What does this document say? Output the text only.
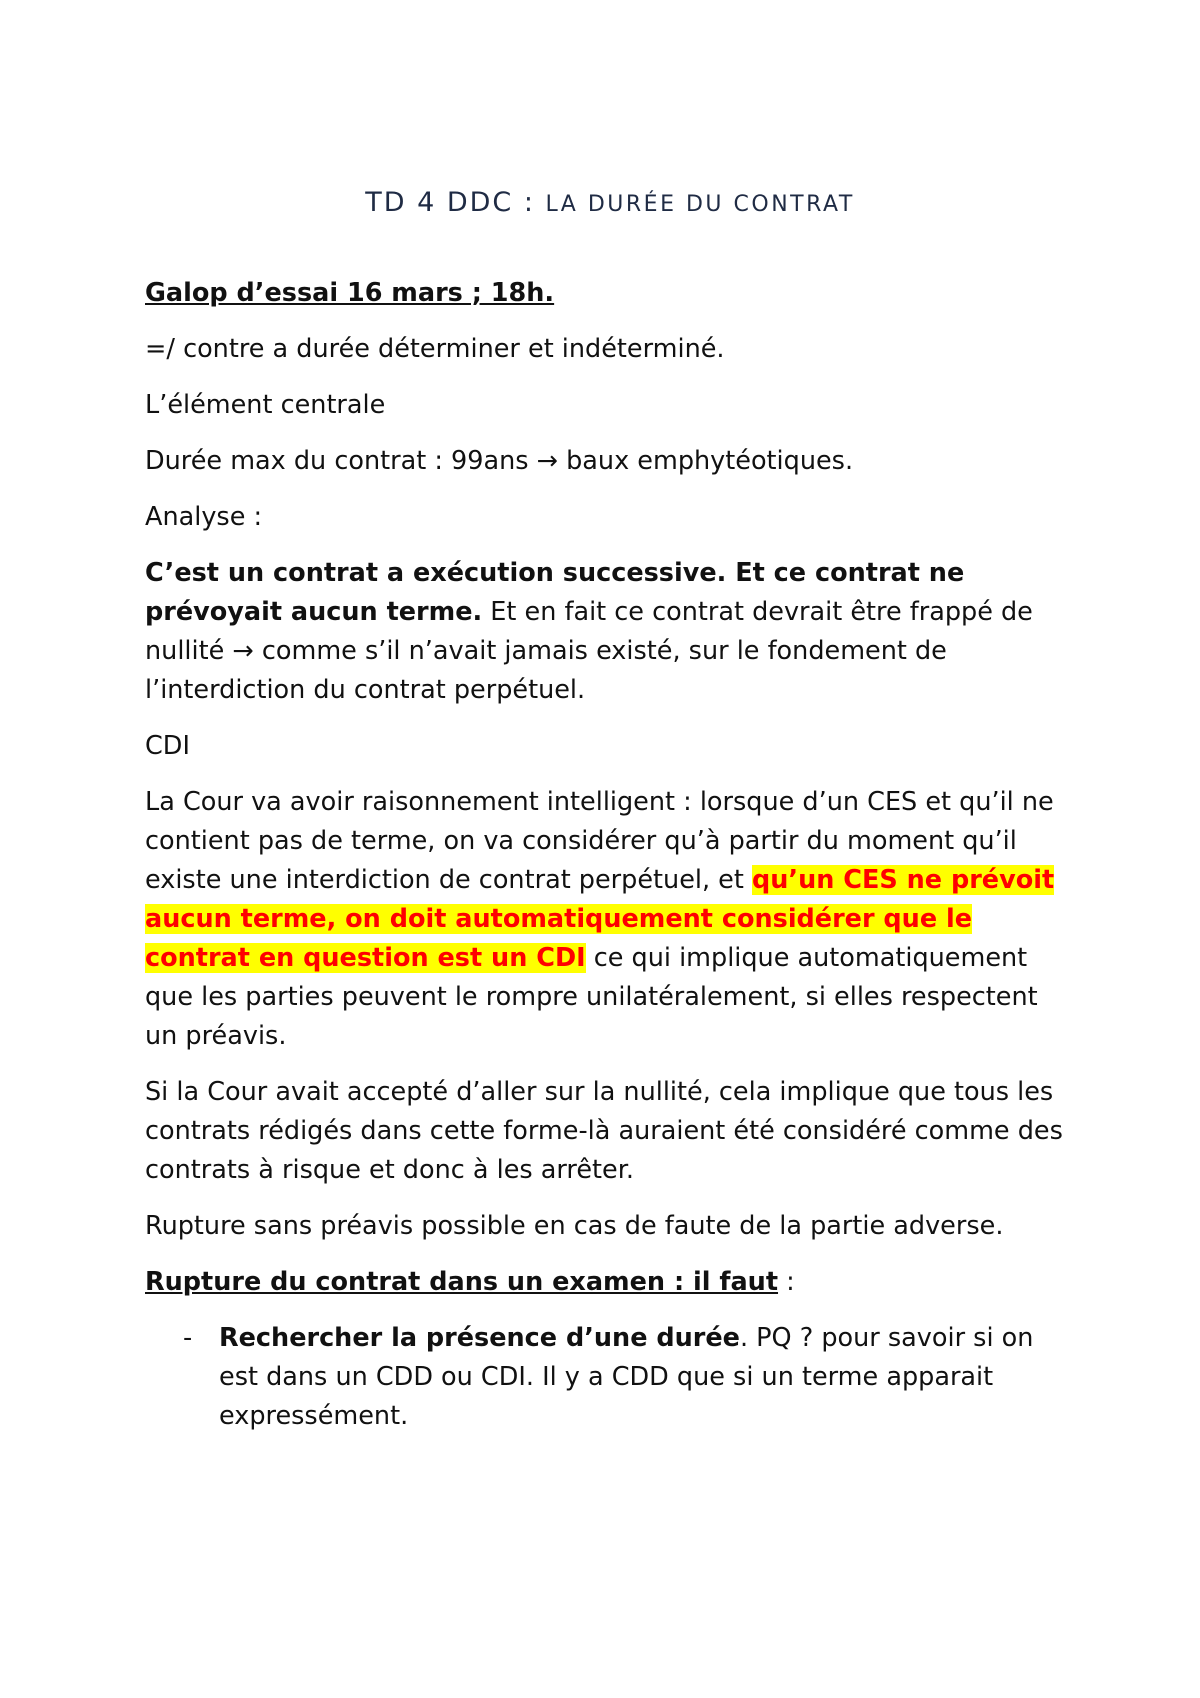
TD 4 DDC : LA DURÉE DU CONTRAT

Galop d’essai 16 mars ; 18h.

=/ contre a durée déterminer et indéterminé.

L’élément centrale

Durée max du contrat : 99ans → baux emphytéotiques.

Analyse :

C’est un contrat a exécution successive. Et ce contrat ne prévoyait aucun terme. Et en fait ce contrat devrait être frappé de nullité → comme s’il n’avait jamais existé, sur le fondement de l’interdiction du contrat perpétuel.

CDI

La Cour va avoir raisonnement intelligent : lorsque d’un CES et qu’il ne contient pas de terme, on va considérer qu’à partir du moment qu’il existe une interdiction de contrat perpétuel, et qu’un CES ne prévoit aucun terme, on doit automatiquement considérer que le contrat en question est un CDI ce qui implique automatiquement que les parties peuvent le rompre unilatéralement, si elles respectent un préavis.

Si la Cour avait accepté d’aller sur la nullité, cela implique que tous les contrats rédigés dans cette forme-là auraient été considéré comme des contrats à risque et donc à les arrêter.

Rupture sans préavis possible en cas de faute de la partie adverse.

Rupture du contrat dans un examen : il faut :

- Rechercher la présence d’une durée. PQ ? pour savoir si on est dans un CDD ou CDI. Il y a CDD que si un terme apparait expressément.
